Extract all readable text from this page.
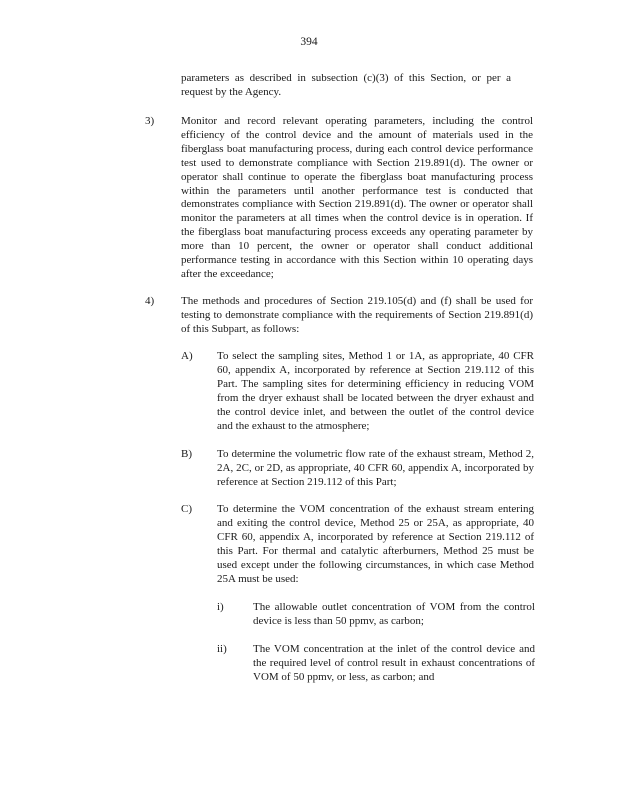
394
parameters as described in subsection (c)(3) of this Section, or per a request by the Agency.
3) Monitor and record relevant operating parameters, including the control efficiency of the control device and the amount of materials used in the fiberglass boat manufacturing process, during each control device performance test used to demonstrate compliance with Section 219.891(d). The owner or operator shall continue to operate the fiberglass boat manufacturing process within the parameters until another performance test is conducted that demonstrates compliance with Section 219.891(d). The owner or operator shall monitor the parameters at all times when the control device is in operation. If the fiberglass boat manufacturing process exceeds any operating parameter by more than 10 percent, the owner or operator shall conduct additional performance testing in accordance with this Section within 10 operating days after the exceedance;
4) The methods and procedures of Section 219.105(d) and (f) shall be used for testing to demonstrate compliance with the requirements of Section 219.891(d) of this Subpart, as follows:
A) To select the sampling sites, Method 1 or 1A, as appropriate, 40 CFR 60, appendix A, incorporated by reference at Section 219.112 of this Part. The sampling sites for determining efficiency in reducing VOM from the dryer exhaust shall be located between the dryer exhaust and the control device inlet, and between the outlet of the control device and the exhaust to the atmosphere;
B) To determine the volumetric flow rate of the exhaust stream, Method 2, 2A, 2C, or 2D, as appropriate, 40 CFR 60, appendix A, incorporated by reference at Section 219.112 of this Part;
C) To determine the VOM concentration of the exhaust stream entering and exiting the control device, Method 25 or 25A, as appropriate, 40 CFR 60, appendix A, incorporated by reference at Section 219.112 of this Part. For thermal and catalytic afterburners, Method 25 must be used except under the following circumstances, in which case Method 25A must be used:
i)	The allowable outlet concentration of VOM from the control device is less than 50 ppmv, as carbon;
ii) The VOM concentration at the inlet of the control device and the required level of control result in exhaust concentrations of VOM of 50 ppmv, or less, as carbon; and
